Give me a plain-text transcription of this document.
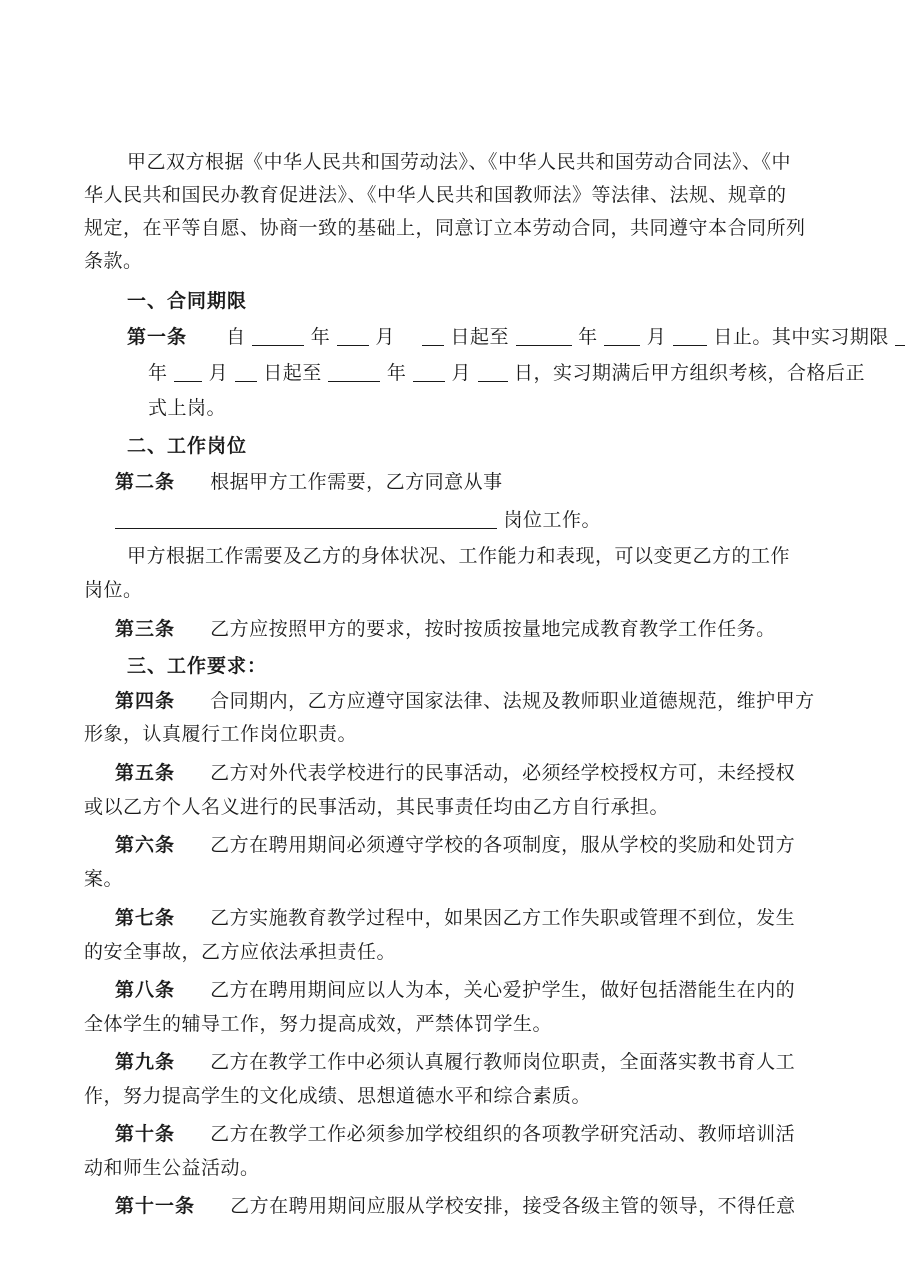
甲乙双方根据《中华人民共和国劳动法》、《中华人民共和国劳动合同法》、《中
华人民共和国民办教育促进法》、《中华人民共和国教师法》等法律、法规、规章的
规定，在平等自愿、协商一致的基础上，同意订立本劳动合同，共同遵守本合同所列
条款。
一、合同期限
第一条 自	年 月	日起至	年	月 日止。其中实习期限
年 月 日起至	年 月 日，实习期满后甲方组织考核，合格后正
式上岗。
二、工作岗位
第二条 根据甲方工作需要，乙方同意从事
岗位工作。
甲方根据工作需要及乙方的身体状况、工作能力和表现，可以变更乙方的工作
岗位。
第三条 乙方应按照甲方的要求，按时按质按量地完成教育教学工作任务。
三、工作要求：
第四条 合同期内，乙方应遵守国家法律、法规及教师职业道德规范，维护甲方
形象，认真履行工作岗位职责。
第五条 乙方对外代表学校进行的民事活动，必须经学校授权方可，未经授权
或以乙方个人名义进行的民事活动，其民事责任均由乙方自行承担。
第六条 乙方在聘用期间必须遵守学校的各项制度，服从学校的奖励和处罚方
案。
第七条 乙方实施教育教学过程中，如果因乙方工作失职或管理不到位，发生
的安全事故，乙方应依法承担责任。
第八条 乙方在聘用期间应以人为本，关心爱护学生，做好包括潜能生在内的
全体学生的辅导工作，努力提高成效，严禁体罚学生。
第九条 乙方在教学工作中必须认真履行教师岗位职责，全面落实教书育人工
作，努力提高学生的文化成绩、思想道德水平和综合素质。
第十条 乙方在教学工作必须参加学校组织的各项教学研究活动、教师培训活
动和师生公益活动。
第十一条 乙方在聘用期间应服从学校安排，接受各级主管的领导，不得任意
